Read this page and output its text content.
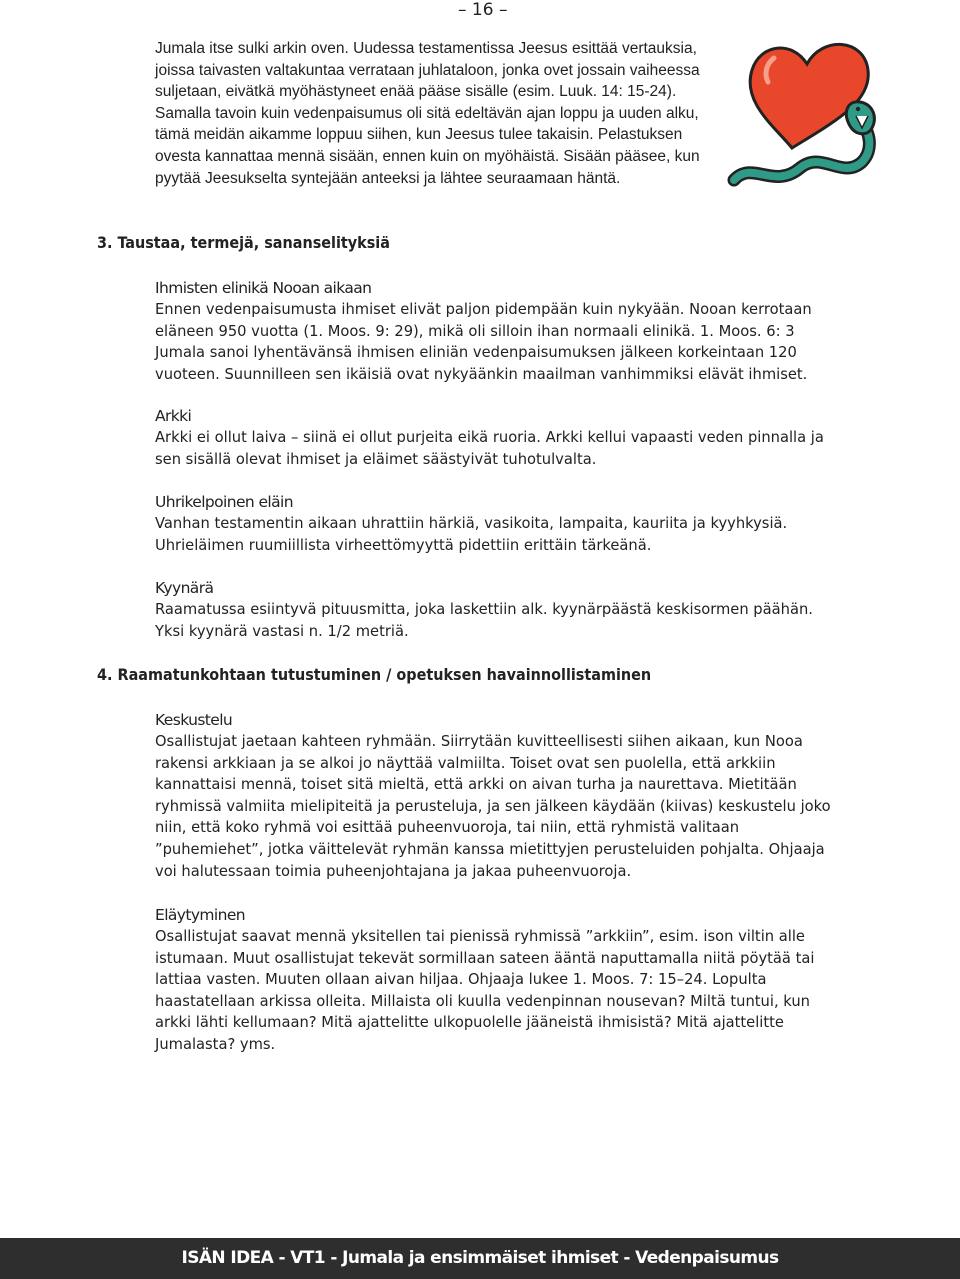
– 16 –

Jumala itse sulki arkin oven. Uudessa testamentissa Jeesus esittää vertauksia, joissa taivasten valtakuntaa verrataan juhlataloon, jonka ovet jossain vaiheessa suljetaan, eivätkä myöhästyneet enää pääse sisälle (esim. Luuk. 14: 15-24). Samalla tavoin kuin vedenpaisumus oli sitä edeltävän ajan loppu ja uuden alku, tämä meidän aikamme loppuu siihen, kun Jeesus tulee takaisin. Pelastuksen ovesta kannattaa mennä sisään, ennen kuin on myöhäistä. Sisään pääsee, kun pyytää Jeesukselta syntejään anteeksi ja lähtee seuraamaan häntä.

3. Taustaa, termejä, sananselityksiä

Ihmisten elinikä Nooan aikaan

Ennen vedenpaisumusta ihmiset elivät paljon pidempään kuin nykyään. Nooan kerrotaan eläneen 950 vuotta (1. Moos. 9: 29), mikä oli silloin ihan normaali elinikä. 1. Moos. 6: 3 Jumala sanoi lyhentävänsä ihmisen eliniän vedenpaisumuksen jälkeen korkeintaan 120 vuoteen. Suunnilleen sen ikäisiä ovat nykyäänkin maailman vanhimmiksi elävät ihmiset.

Arkki

Arkki ei ollut laiva – siinä ei ollut purjeita eikä ruoria. Arkki kellui vapaasti veden pinnalla ja sen sisällä olevat ihmiset ja eläimet säästyivät tuhotulvalta.

Uhrikelpoinen eläin

Vanhan testamentin aikaan uhrattiin härkiä, vasikoita, lampaita, kauriita ja kyyhkysiä. Uhrieläimen ruumiillista virheettömyyttä pidettiin erittäin tärkeänä.

Kyynärä

Raamatussa esiintyvä pituusmitta, joka laskettiin alk. kyynärpäästä keskisormen päähän. Yksi kyynärä vastasi n. 1/2 metriä.

4. Raamatunkohtaan tutustuminen / opetuksen havainnollistaminen

Keskustelu

Osallistujat jaetaan kahteen ryhmään. Siirrytään kuvitteellisesti siihen aikaan, kun Nooa rakensi arkkiaan ja se alkoi jo näyttää valmiilta. Toiset ovat sen puolella, että arkkiin kannattaisi mennä, toiset sitä mieltä, että arkki on aivan turha ja naurettava. Mietitään ryhmissä valmiita mielipiteitä ja perusteluja, ja sen jälkeen käydään (kiivas) keskustelu joko niin, että koko ryhmä voi esittää puheenvuoroja, tai niin, että ryhmistä valitaan ”puhemiehet”, jotka väittelevät ryhmän kanssa mietittyjen perusteluiden pohjalta. Ohjaaja voi halutessaan toimia puheenjohtajana ja jakaa puheenvuoroja.

Eläytyminen

Osallistujat saavat mennä yksitellen tai pienissä ryhmissä ”arkkiin”, esim. ison viltin alle istumaan. Muut osallistujat tekevät sormillaan sateen ääntä naputtamalla niitä pöytää tai lattiaa vasten. Muuten ollaan aivan hiljaa. Ohjaaja lukee 1. Moos. 7: 15–24. Lopulta haastatellaan arkissa olleita. Millaista oli kuulla vedenpinnan nousevan? Miltä tuntui, kun arkki lähti kellumaan? Mitä ajattelitte ulkopuolelle jääneistä ihmisistä? Mitä ajattelitte Jumalasta? yms.

ISÄN IDEA - VT1 - Jumala ja ensimmäiset ihmiset - Vedenpaisumus
